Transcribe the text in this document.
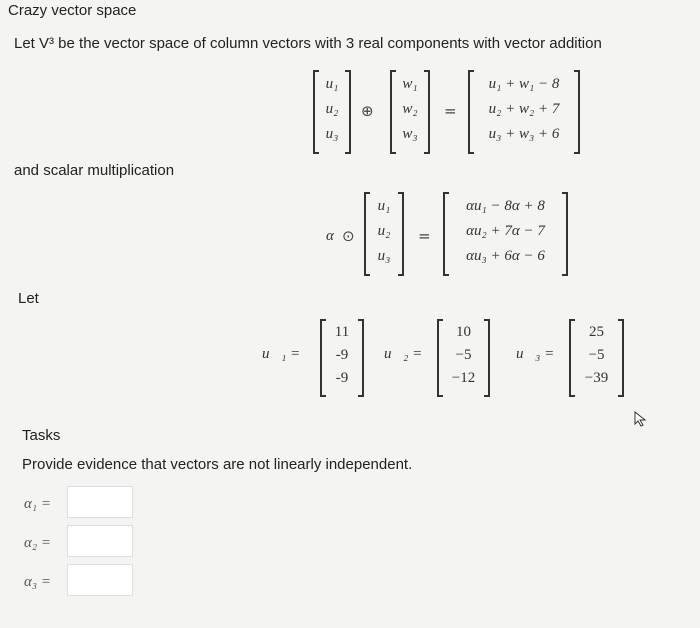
Crazy vector space
Let V³ be the vector space of column vectors with 3 real components with vector addition
u₁
u₂
u₃
⊕
w₁
w₂
w₃
=
u₁ + w₁ − 8
u₂ + w₂ + 7
u₃ + w₃ + 6
and scalar multiplication
α ⊙
u₁
u₂
u₃
=
αu₁ − 8α + 8
αu₂ + 7α − 7
αu₃ + 6α − 6
Let
u⃗₁ =
11
-9
-9
u⃗₂ =
10
−5
−12
u⃗₃ =
25
−5
−39
Tasks
Provide evidence that vectors are not linearly independent.
α₁ =
α₂ =
α₃ =
